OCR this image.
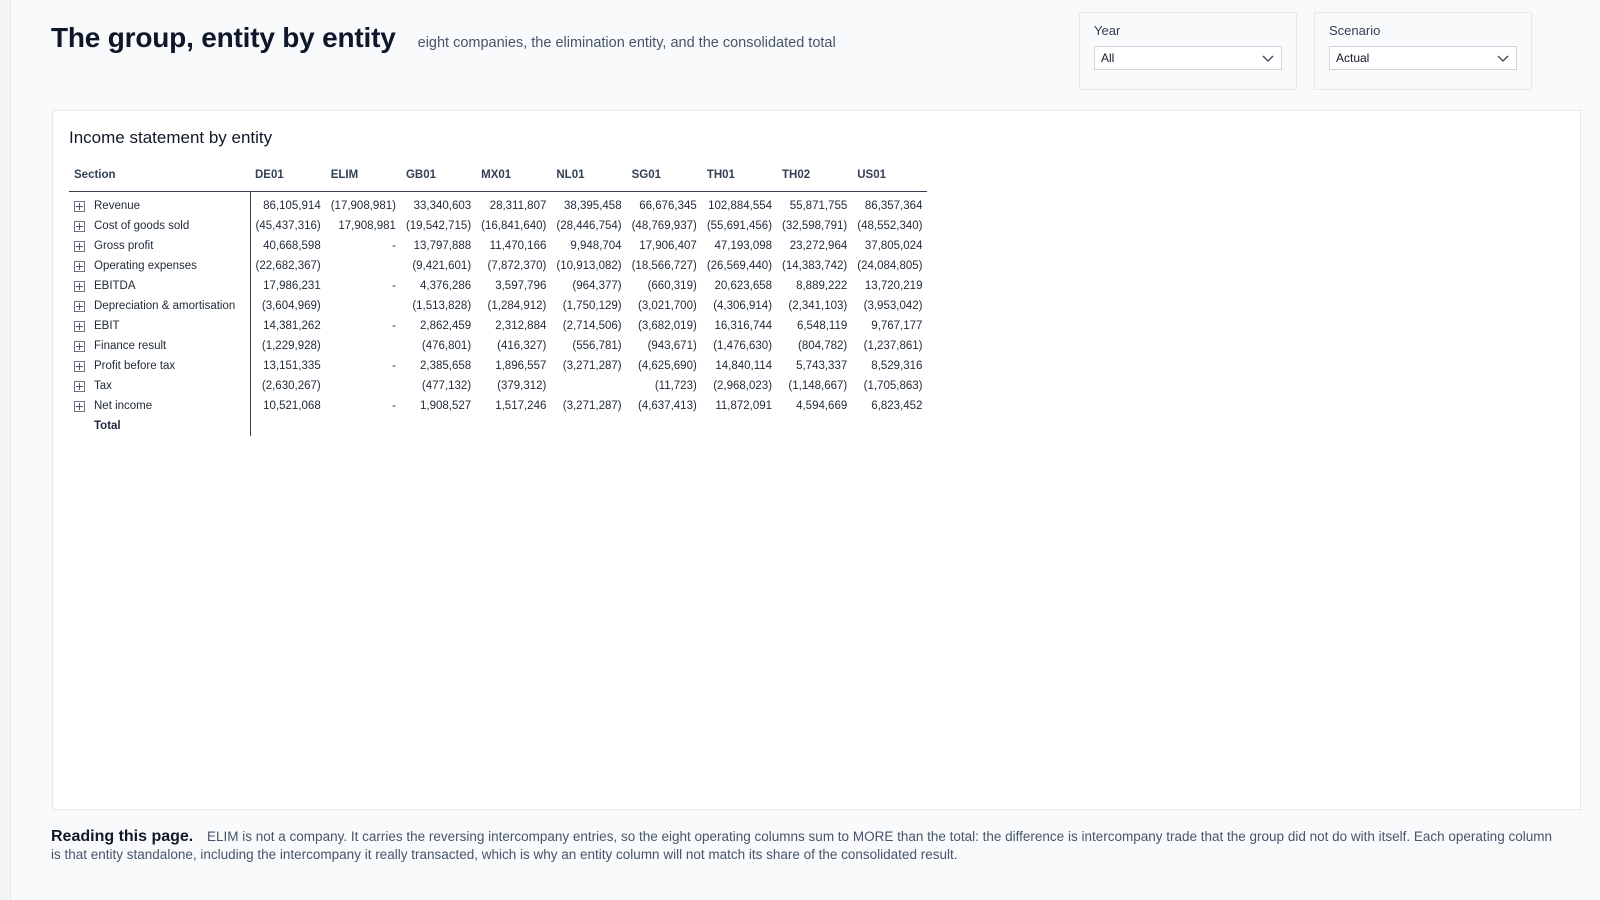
The group, entity by entity eight companies, the elimination entity, and the consolidated total
Year
All
Scenario
Actual
Income statement by entity
Section	DE01	ELIM	GB01	MX01	NL01	SG01	TH01	TH02	US01

Revenue	86,105,914	(17,908,981)	33,340,603	28,311,807	38,395,458	66,676,345	102,884,554	55,871,755	86,357,364

Cost of goods sold	(45,437,316)	17,908,981	(19,542,715)	(16,841,640)	(28,446,754)	(48,769,937)	(55,691,456)	(32,598,791)	(48,552,340)

Gross profit	40,668,598	-	13,797,888	11,470,166	9,948,704	17,906,407	47,193,098	23,272,964	37,805,024

Operating expenses	(22,682,367)		(9,421,601)	(7,872,370)	(10,913,082)	(18,566,727)	(26,569,440)	(14,383,742)	(24,084,805)

EBITDA	17,986,231	-	4,376,286	3,597,796	(964,377)	(660,319)	20,623,658	8,889,222	13,720,219

Depreciation & amortisation	(3,604,969)		(1,513,828)	(1,284,912)	(1,750,129)	(3,021,700)	(4,306,914)	(2,341,103)	(3,953,042)

EBIT	14,381,262	-	2,862,459	2,312,884	(2,714,506)	(3,682,019)	16,316,744	6,548,119	9,767,177

Finance result	(1,229,928)		(476,801)	(416,327)	(556,781)	(943,671)	(1,476,630)	(804,782)	(1,237,861)

Profit before tax	13,151,335	-	2,385,658	1,896,557	(3,271,287)	(4,625,690)	14,840,114	5,743,337	8,529,316

Tax	(2,630,267)		(477,132)	(379,312)		(11,723)	(2,968,023)	(1,148,667)	(1,705,863)

Net income	10,521,068	-	1,908,527	1,517,246	(3,271,287)	(4,637,413)	11,872,091	4,594,669	6,823,452

Total									

Reading this page. ELIM is not a company. It carries the reversing intercompany entries, so the eight operating columns sum to MORE than the total: the difference is intercompany trade that the group did not do with itself. Each operating column is that entity standalone, including the intercompany it really transacted, which is why an entity column will not match its share of the consolidated result.
